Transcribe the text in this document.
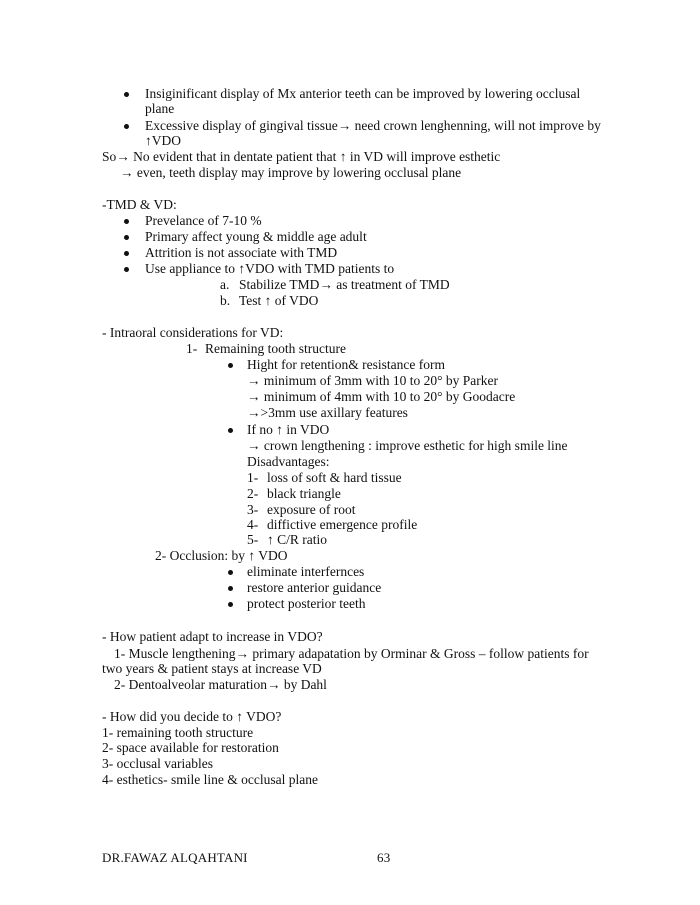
Insiginificant display of Mx anterior teeth can be improved by lowering occlusal
plane
Excessive display of gingival tissue→ need crown lenghenning, will not improve by
↑VDO
So→ No evident that in dentate patient that ↑ in VD will improve esthetic
→ even, teeth display may improve by lowering occlusal plane
-TMD & VD:
Prevelance of 7-10 %
Primary affect young & middle age adult
Attrition is not associate with TMD
Use appliance to ↑VDO with TMD patients to
a. Stabilize TMD→ as treatment of TMD
b. Test ↑ of VDO
- Intraoral considerations for VD:
1- Remaining tooth structure
Hight for retention& resistance form
→ minimum of 3mm with 10 to 20° by Parker
→ minimum of 4mm with 10 to 20° by Goodacre
→>3mm use axillary features
If no ↑ in VDO
→ crown lengthening : improve esthetic for high smile line
Disadvantages:
1- loss of soft & hard tissue
2- black triangle
3- exposure of root
4- diffictive emergence profile
5- ↑ C/R ratio
2- Occlusion: by ↑ VDO
eliminate interfernces
restore anterior guidance
protect posterior teeth
- How patient adapt to increase in VDO?
1- Muscle lengthening→ primary adapatation by Orminar & Gross – follow patients for
two years & patient stays at increase VD
2- Dentoalveolar maturation→ by Dahl
- How did you decide to ↑ VDO?
1- remaining tooth structure
2- space available for restoration
3- occlusal variables
4- esthetics- smile line & occlusal plane
DR.FAWAZ ALQAHTANI	63
